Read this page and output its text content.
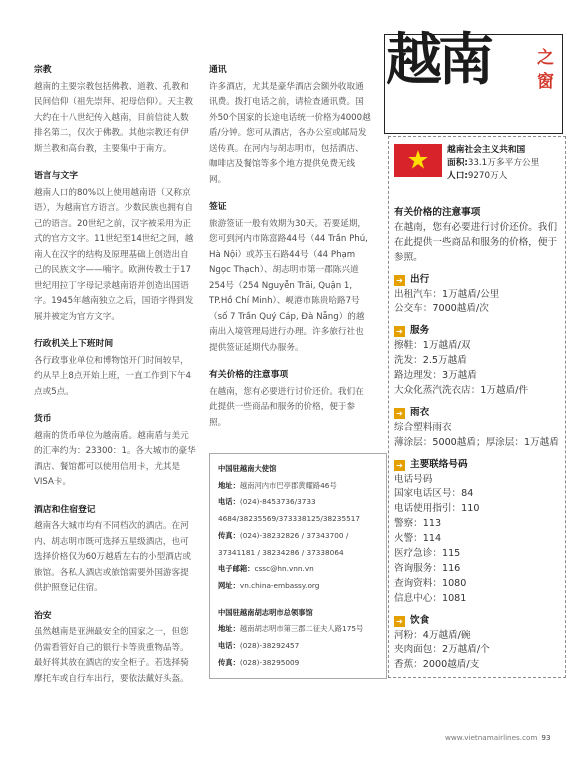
宗教
越南的主要宗教包括佛教、道教、孔教和民间信仰（祖先崇拜、祀母信仰）。天主教大约在十八世纪传入越南，目前信徒人数排名第二，仅次于佛教。其他宗教还有伊斯兰教和高台教，主要集中于南方。
语言与文字
越南人口的80%以上使用越南语（又称京语），为越南官方语言。少数民族也拥有自己的语言。20世纪之前，汉字被采用为正式的官方文字。11世纪至14世纪之间，越南人在汉字的结构及原理基础上创造出自己的民族文字——喃字。欧洲传教士于17世纪用拉丁字母记录越南语并创造出国语字。1945年越南独立之后，国语字得到发展并被定为官方文字。
行政机关上下班时间
各行政事业单位和博物馆开门时间较早，约从早上8点开始上班，一直工作到下午4点或5点。
货币
越南的货币单位为越南盾。越南盾与美元的汇率约为：23300：1。各大城市的豪华酒店、餐馆都可以使用信用卡，尤其是VISA卡。
酒店和住宿登记
越南各大城市均有不同档次的酒店。在河内、胡志明市既可选择五星级酒店，也可选择价格仅为60万越盾左右的小型酒店或旅馆。各私人酒店或旅馆需要外国游客提供护照登记住宿。
治安
虽然越南是亚洲最安全的国家之一，但您仍需看管好自己的银行卡等贵重物品等。最好将其放在酒店的安全柜子。若选择骑摩托车或自行车出行，要依法戴好头盔。
通讯
许多酒店，尤其是豪华酒店会额外收取通讯费。拨打电话之前，请检查通讯费。国外50个国家的长途电话统一价格为4000越盾/分钟。您可从酒店，各办公室或邮局发送传真。在河内与胡志明市，包括酒店、咖啡店及餐馆等多个地方提供免费无线网。
签证
旅游签证一般有效期为30天。若要延期，您可到河内市陈富路44号（44 Trần Phú, Hà Nội）或苏玉石路44号（44 Phạm Ngọc Thạch）、胡志明市第一郡陈兴道254号（254 Nguyễn Trãi, Quận 1, TP.Hồ Chí Minh）、岘港市陈贵哈路7号（số 7 Trần Quý Cáp, Đà Nẵng）的越南出入境管理局进行办理。许多旅行社也提供签证延期代办服务。
有关价格的注意事项
在越南，您有必要进行讨价还价。我们在此提供一些商品和服务的价格，便于参照。
中国驻越南大使馆
地址：越南河内市巴亭郡黄耀路46号
电话：(024)-8453736/3733 4684/38235569/373338125/38235517
传真：(024)-38232826 / 37343700 / 37341181 / 38234286 / 37338064
电子邮箱：cssc@hn.vnn.vn
网址：vn.china-embassy.org
中国驻越南胡志明市总领事馆
地址：越南胡志明市第三郡二征夫人路175号
电话：(028)-38292457
传真：(028)-38295009
越南	之
窗
越南社会主义共和国
面积:33.1万多平方公里
人口:9270万人
有关价格的注意事项
在越南，您有必要进行讨价还价。我们在此提供一些商品和服务的价格，便于参照。
➔ 出行
出租汽车：1万越盾/公里
公交车：7000越盾/次
➔ 服务
擦鞋：1万越盾/双
洗发：2.5万越盾
路边理发：3万越盾
大众化蒸汽洗衣店：1万越盾/件
➔ 雨衣
综合塑料雨衣
薄涂层：5000越盾；厚涂层：1万越盾
➔ 主要联络号码
电话号码
国家电话区号：84
电话使用指引：110
警察：113
火警：114
医疗急诊：115
咨询服务：116
查询资料：1080
信息中心：1081
➔ 饮食
河粉：4万越盾/碗
夹肉面包：2万越盾/个
香蕉：2000越盾/支
www.vietnamairlines.com 93
